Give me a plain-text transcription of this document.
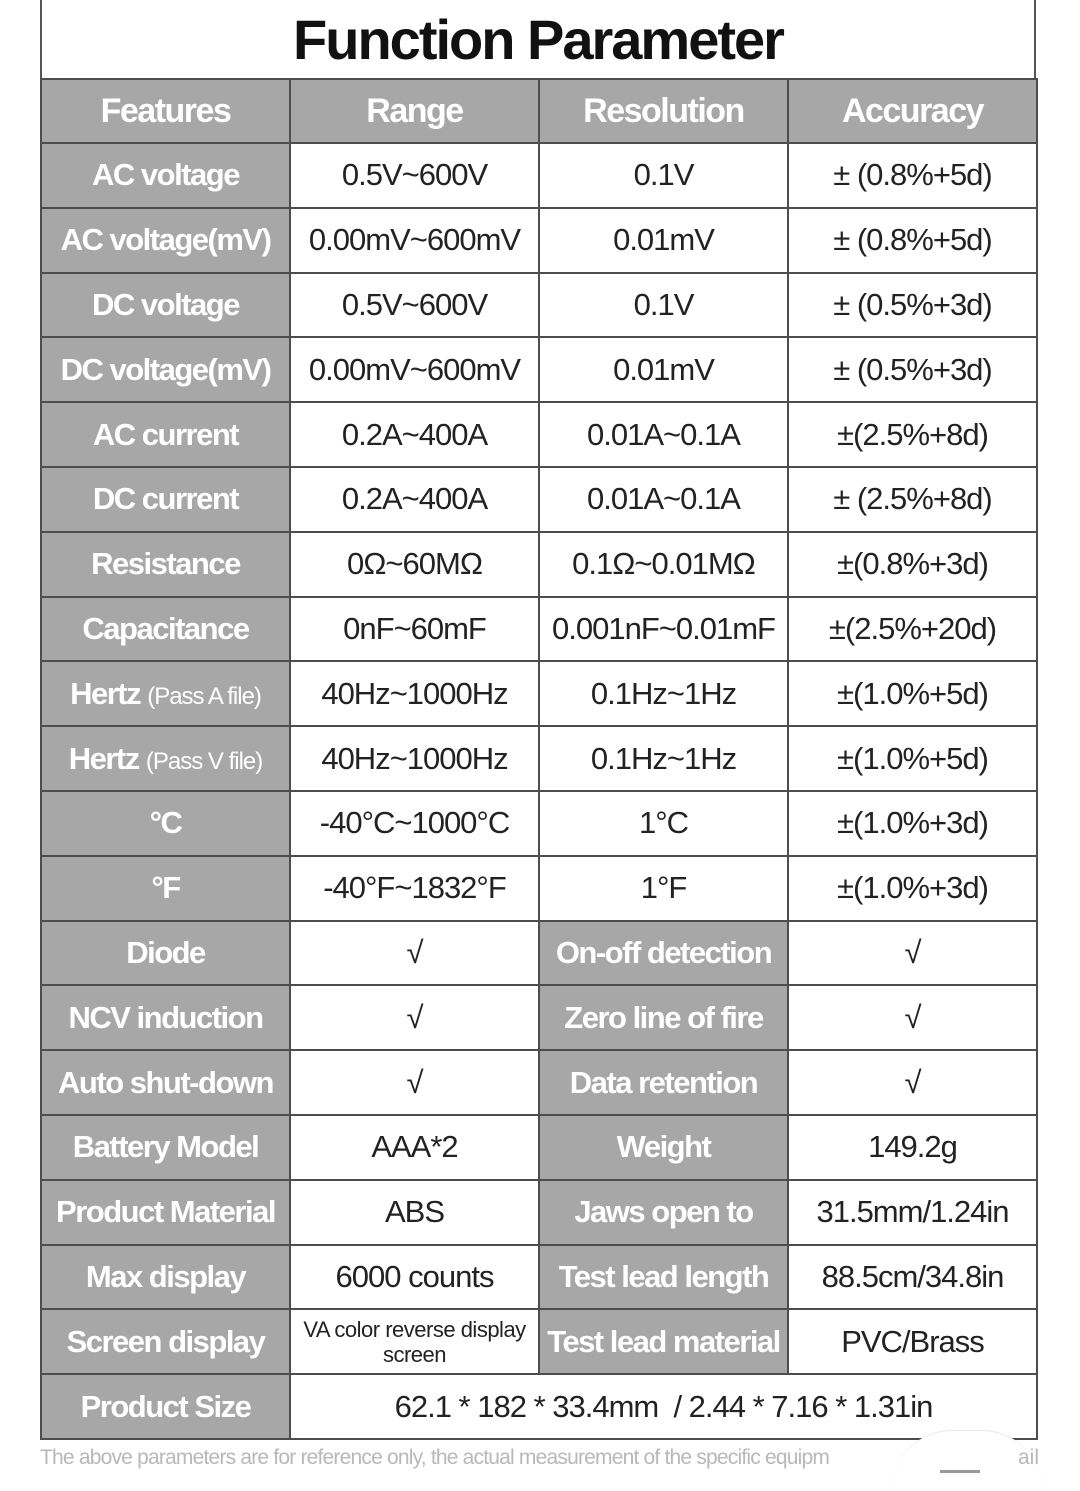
Function Parameter
Features	Range	Resolution	Accuracy
AC voltage	0.5V~600V	0.1V	± (0.8%+5d)
AC voltage(mV)	0.00mV~600mV	0.01mV	± (0.8%+5d)
DC voltage	0.5V~600V	0.1V	± (0.5%+3d)
DC voltage(mV)	0.00mV~600mV	0.01mV	± (0.5%+3d)
AC current	0.2A~400A	0.01A~0.1A	±(2.5%+8d)
DC current	0.2A~400A	0.01A~0.1A	± (2.5%+8d)
Resistance	0Ω~60MΩ	0.1Ω~0.01MΩ	±(0.8%+3d)
Capacitance	0nF~60mF	0.001nF~0.01mF	±(2.5%+20d)
Hertz (Pass A file)	40Hz~1000Hz	0.1Hz~1Hz	±(1.0%+5d)
Hertz (Pass V file)	40Hz~1000Hz	0.1Hz~1Hz	±(1.0%+5d)
°C	-40°C~1000°C	1°C	±(1.0%+3d)
°F	-40°F~1832°F	1°F	±(1.0%+3d)
Diode	√	On-off detection	√
NCV induction	√	Zero line of fire	√
Auto shut-down	√	Data retention	√
Battery Model	AAA*2	Weight	149.2g
Product Material	ABS	Jaws open to	31.5mm/1.24in
Max display	6000 counts	Test lead length	88.5cm/34.8in
Screen display	VA color reverse display screen	Test lead material	PVC/Brass
Product Size	62.1 * 182 * 33.4mm  / 2.44 * 7.16 * 1.31in		
The above parameters are for reference only, the actual measurement of the specific equipm	ail
